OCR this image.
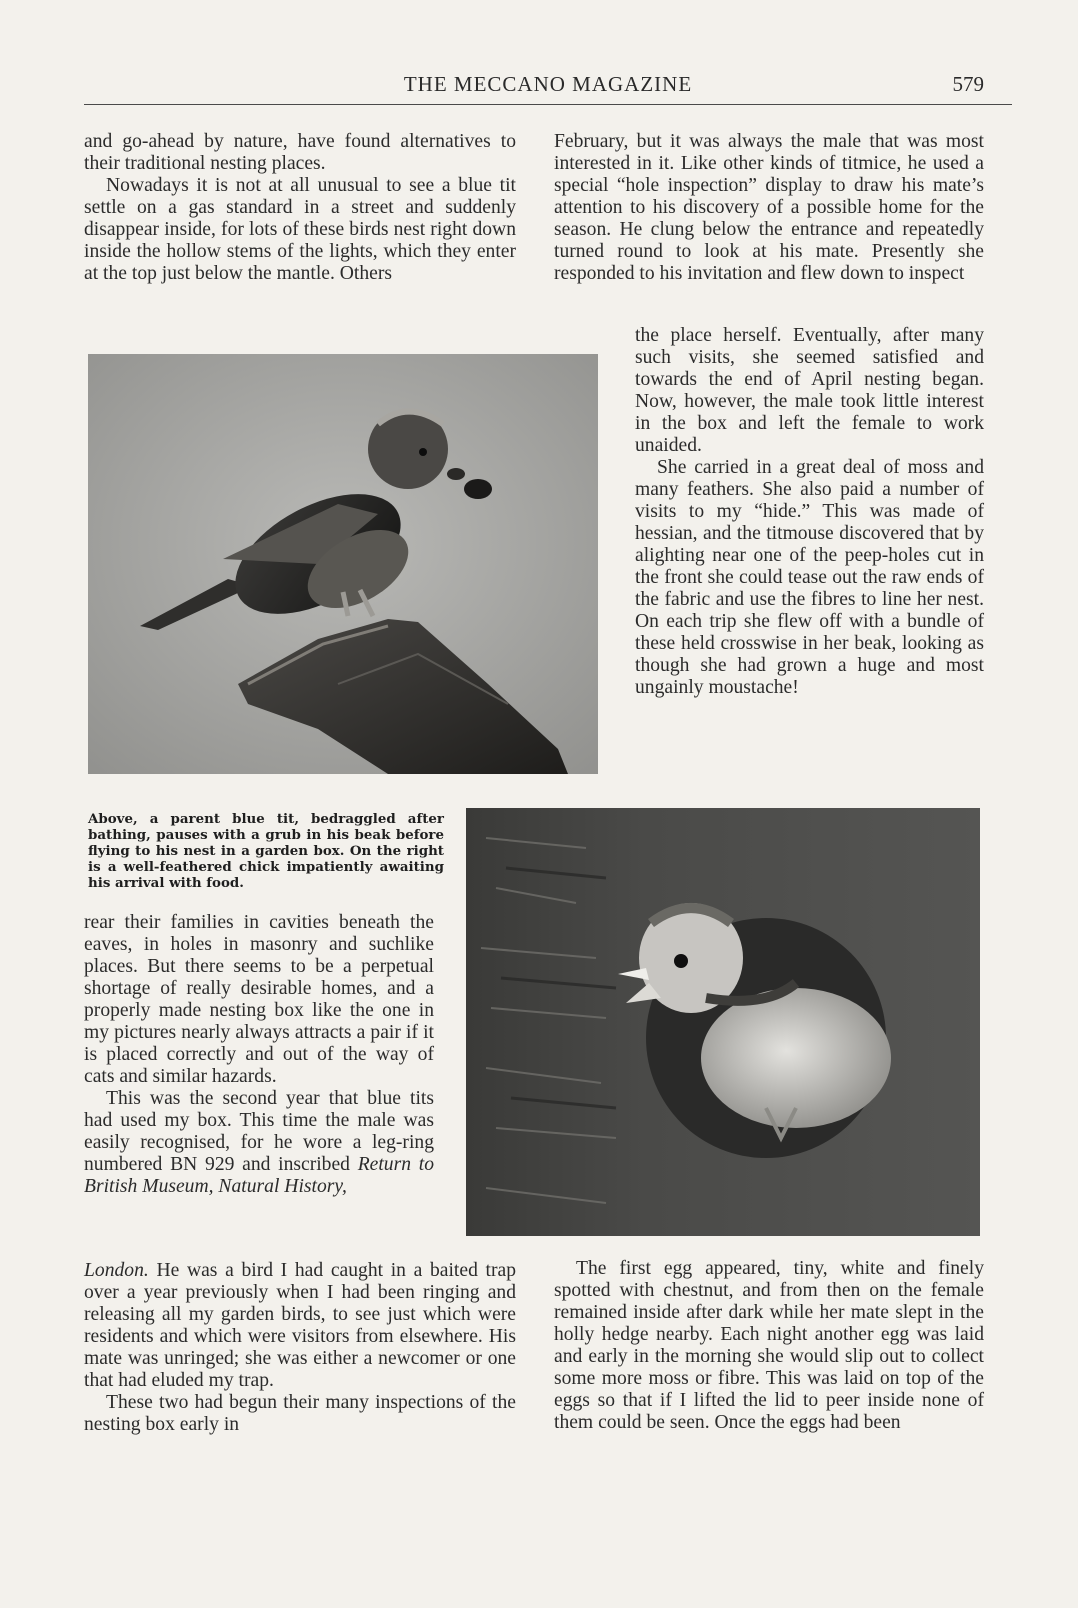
THE MECCANO MAGAZINE	579

and go-ahead by nature, have found alternatives to their traditional nesting places.

Nowadays it is not at all unusual to see a blue tit settle on a gas standard in a street and suddenly disappear inside, for lots of these birds nest right down inside the hollow stems of the lights, which they enter at the top just below the mantle. Others

February, but it was always the male that was most interested in it. Like other kinds of titmice, he used a special “hole inspection” display to draw his mate’s attention to his discovery of a possible home for the season. He clung below the entrance and repeatedly turned round to look at his mate. Presently she responded to his invitation and flew down to inspect

the place herself. Eventually, after many such visits, she seemed satisfied and towards the end of April nesting began. Now, however, the male took little interest in the box and left the female to work unaided.

She carried in a great deal of moss and many feathers. She also paid a number of visits to my “hide.” This was made of hessian, and the titmouse discovered that by alighting near one of the peep-holes cut in the front she could tease out the raw ends of the fabric and use the fibres to line her nest. On each trip she flew off with a bundle of these held crosswise in her beak, looking as though she had grown a huge and most ungainly moustache!

Above, a parent blue tit, bedraggled after bathing, pauses with a grub in his beak before flying to his nest in a garden box. On the right is a well-feathered chick impatiently awaiting his arrival with food.

rear their families in cavities beneath the eaves, in holes in masonry and suchlike places. But there seems to be a perpetual shortage of really desirable homes, and a properly made nesting box like the one in my pictures nearly always attracts a pair if it is placed correctly and out of the way of cats and similar hazards.

This was the second year that blue tits had used my box. This time the male was easily recognised, for he wore a leg-ring numbered BN 929 and inscribed Return to British Museum, Natural History,

London. He was a bird I had caught in a baited trap over a year previously when I had been ringing and releasing all my garden birds, to see just which were residents and which were visitors from elsewhere. His mate was unringed; she was either a newcomer or one that had eluded my trap.

These two had begun their many inspections of the nesting box early in

The first egg appeared, tiny, white and finely spotted with chestnut, and from then on the female remained inside after dark while her mate slept in the holly hedge nearby. Each night another egg was laid and early in the morning she would slip out to collect some more moss or fibre. This was laid on top of the eggs so that if I lifted the lid to peer inside none of them could be seen. Once the eggs had been
